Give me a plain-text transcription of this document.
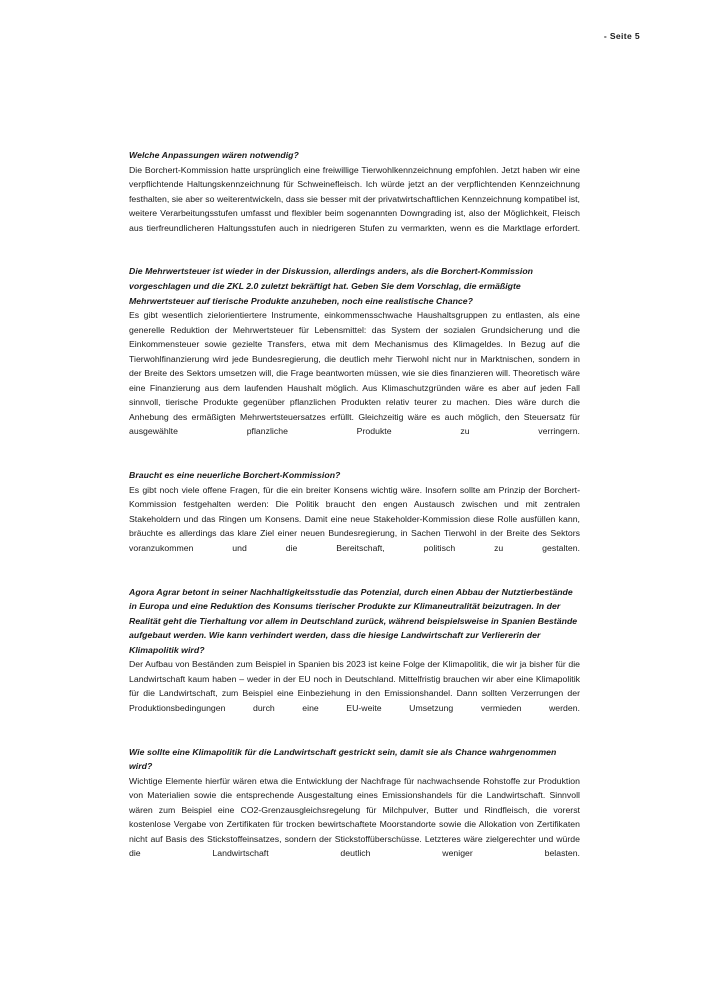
- Seite 5

Welche Anpassungen wären notwendig?

Die Borchert-Kommission hatte ursprünglich eine freiwillige Tierwohlkennzeichnung empfohlen. Jetzt haben wir eine verpflichtende Haltungskennzeichnung für Schweinefleisch. Ich würde jetzt an der verpflichtenden Kennzeichnung festhalten, sie aber so weiterentwickeln, dass sie besser mit der privatwirtschaftlichen Kennzeichnung kompatibel ist, weitere Verarbeitungsstufen umfasst und flexibler beim sogenannten Downgrading ist, also der Möglichkeit, Fleisch aus tierfreundlicheren Haltungsstufen auch in niedrigeren Stufen zu vermarkten, wenn es die Marktlage erfordert.

Die Mehrwertsteuer ist wieder in der Diskussion, allerdings anders, als die Borchert-Kommission vorgeschlagen und die ZKL 2.0 zuletzt bekräftigt hat. Geben Sie dem Vorschlag, die ermäßigte Mehrwertsteuer auf tierische Produkte anzuheben, noch eine realistische Chance?

Es gibt wesentlich zielorientiertere Instrumente, einkommensschwache Haushaltsgruppen zu entlasten, als eine generelle Reduktion der Mehrwertsteuer für Lebensmittel: das System der sozialen Grundsicherung und die Einkommensteuer sowie gezielte Transfers, etwa mit dem Mechanismus des Klimageldes. In Bezug auf die Tierwohlfinanzierung wird jede Bundesregierung, die deutlich mehr Tierwohl nicht nur in Marktnischen, sondern in der Breite des Sektors umsetzen will, die Frage beantworten müssen, wie sie dies finanzieren will. Theoretisch wäre eine Finanzierung aus dem laufenden Haushalt möglich. Aus Klimaschutzgründen wäre es aber auf jeden Fall sinnvoll, tierische Produkte gegenüber pflanzlichen Produkten relativ teurer zu machen. Dies wäre durch die Anhebung des ermäßigten Mehrwertsteuersatzes erfüllt. Gleichzeitig wäre es auch möglich, den Steuersatz für ausgewählte pflanzliche Produkte zu verringern.

Braucht es eine neuerliche Borchert-Kommission?

Es gibt noch viele offene Fragen, für die ein breiter Konsens wichtig wäre. Insofern sollte am Prinzip der Borchert-Kommission festgehalten werden: Die Politik braucht den engen Austausch zwischen und mit zentralen Stakeholdern und das Ringen um Konsens. Damit eine neue Stakeholder-Kommission diese Rolle ausfüllen kann, bräuchte es allerdings das klare Ziel einer neuen Bundesregierung, in Sachen Tierwohl in der Breite des Sektors voranzukommen und die Bereitschaft, politisch zu gestalten.

Agora Agrar betont in seiner Nachhaltigkeitsstudie das Potenzial, durch einen Abbau der Nutztierbestände in Europa und eine Reduktion des Konsums tierischer Produkte zur Klimaneutralität beizutragen. In der Realität geht die Tierhaltung vor allem in Deutschland zurück, während beispielsweise in Spanien Bestände aufgebaut werden. Wie kann verhindert werden, dass die hiesige Landwirtschaft zur Verliererin der Klimapolitik wird?

Der Aufbau von Beständen zum Beispiel in Spanien bis 2023 ist keine Folge der Klimapolitik, die wir ja bisher für die Landwirtschaft kaum haben – weder in der EU noch in Deutschland. Mittelfristig brauchen wir aber eine Klimapolitik für die Landwirtschaft, zum Beispiel eine Einbeziehung in den Emissionshandel. Dann sollten Verzerrungen der Produktionsbedingungen durch eine EU-weite Umsetzung vermieden werden.

Wie sollte eine Klimapolitik für die Landwirtschaft gestrickt sein, damit sie als Chance wahrgenommen wird?

Wichtige Elemente hierfür wären etwa die Entwicklung der Nachfrage für nachwachsende Rohstoffe zur Produktion von Materialien sowie die entsprechende Ausgestaltung eines Emissionshandels für die Landwirtschaft. Sinnvoll wären zum Beispiel eine CO2-Grenzausgleichsregelung für Milchpulver, Butter und Rindfleisch, die vorerst kostenlose Vergabe von Zertifikaten für trocken bewirtschaftete Moorstandorte sowie die Allokation von Zertifikaten nicht auf Basis des Stickstoffeinsatzes, sondern der Stickstoffüberschüsse. Letzteres wäre zielgerechter und würde die Landwirtschaft deutlich weniger belasten.
